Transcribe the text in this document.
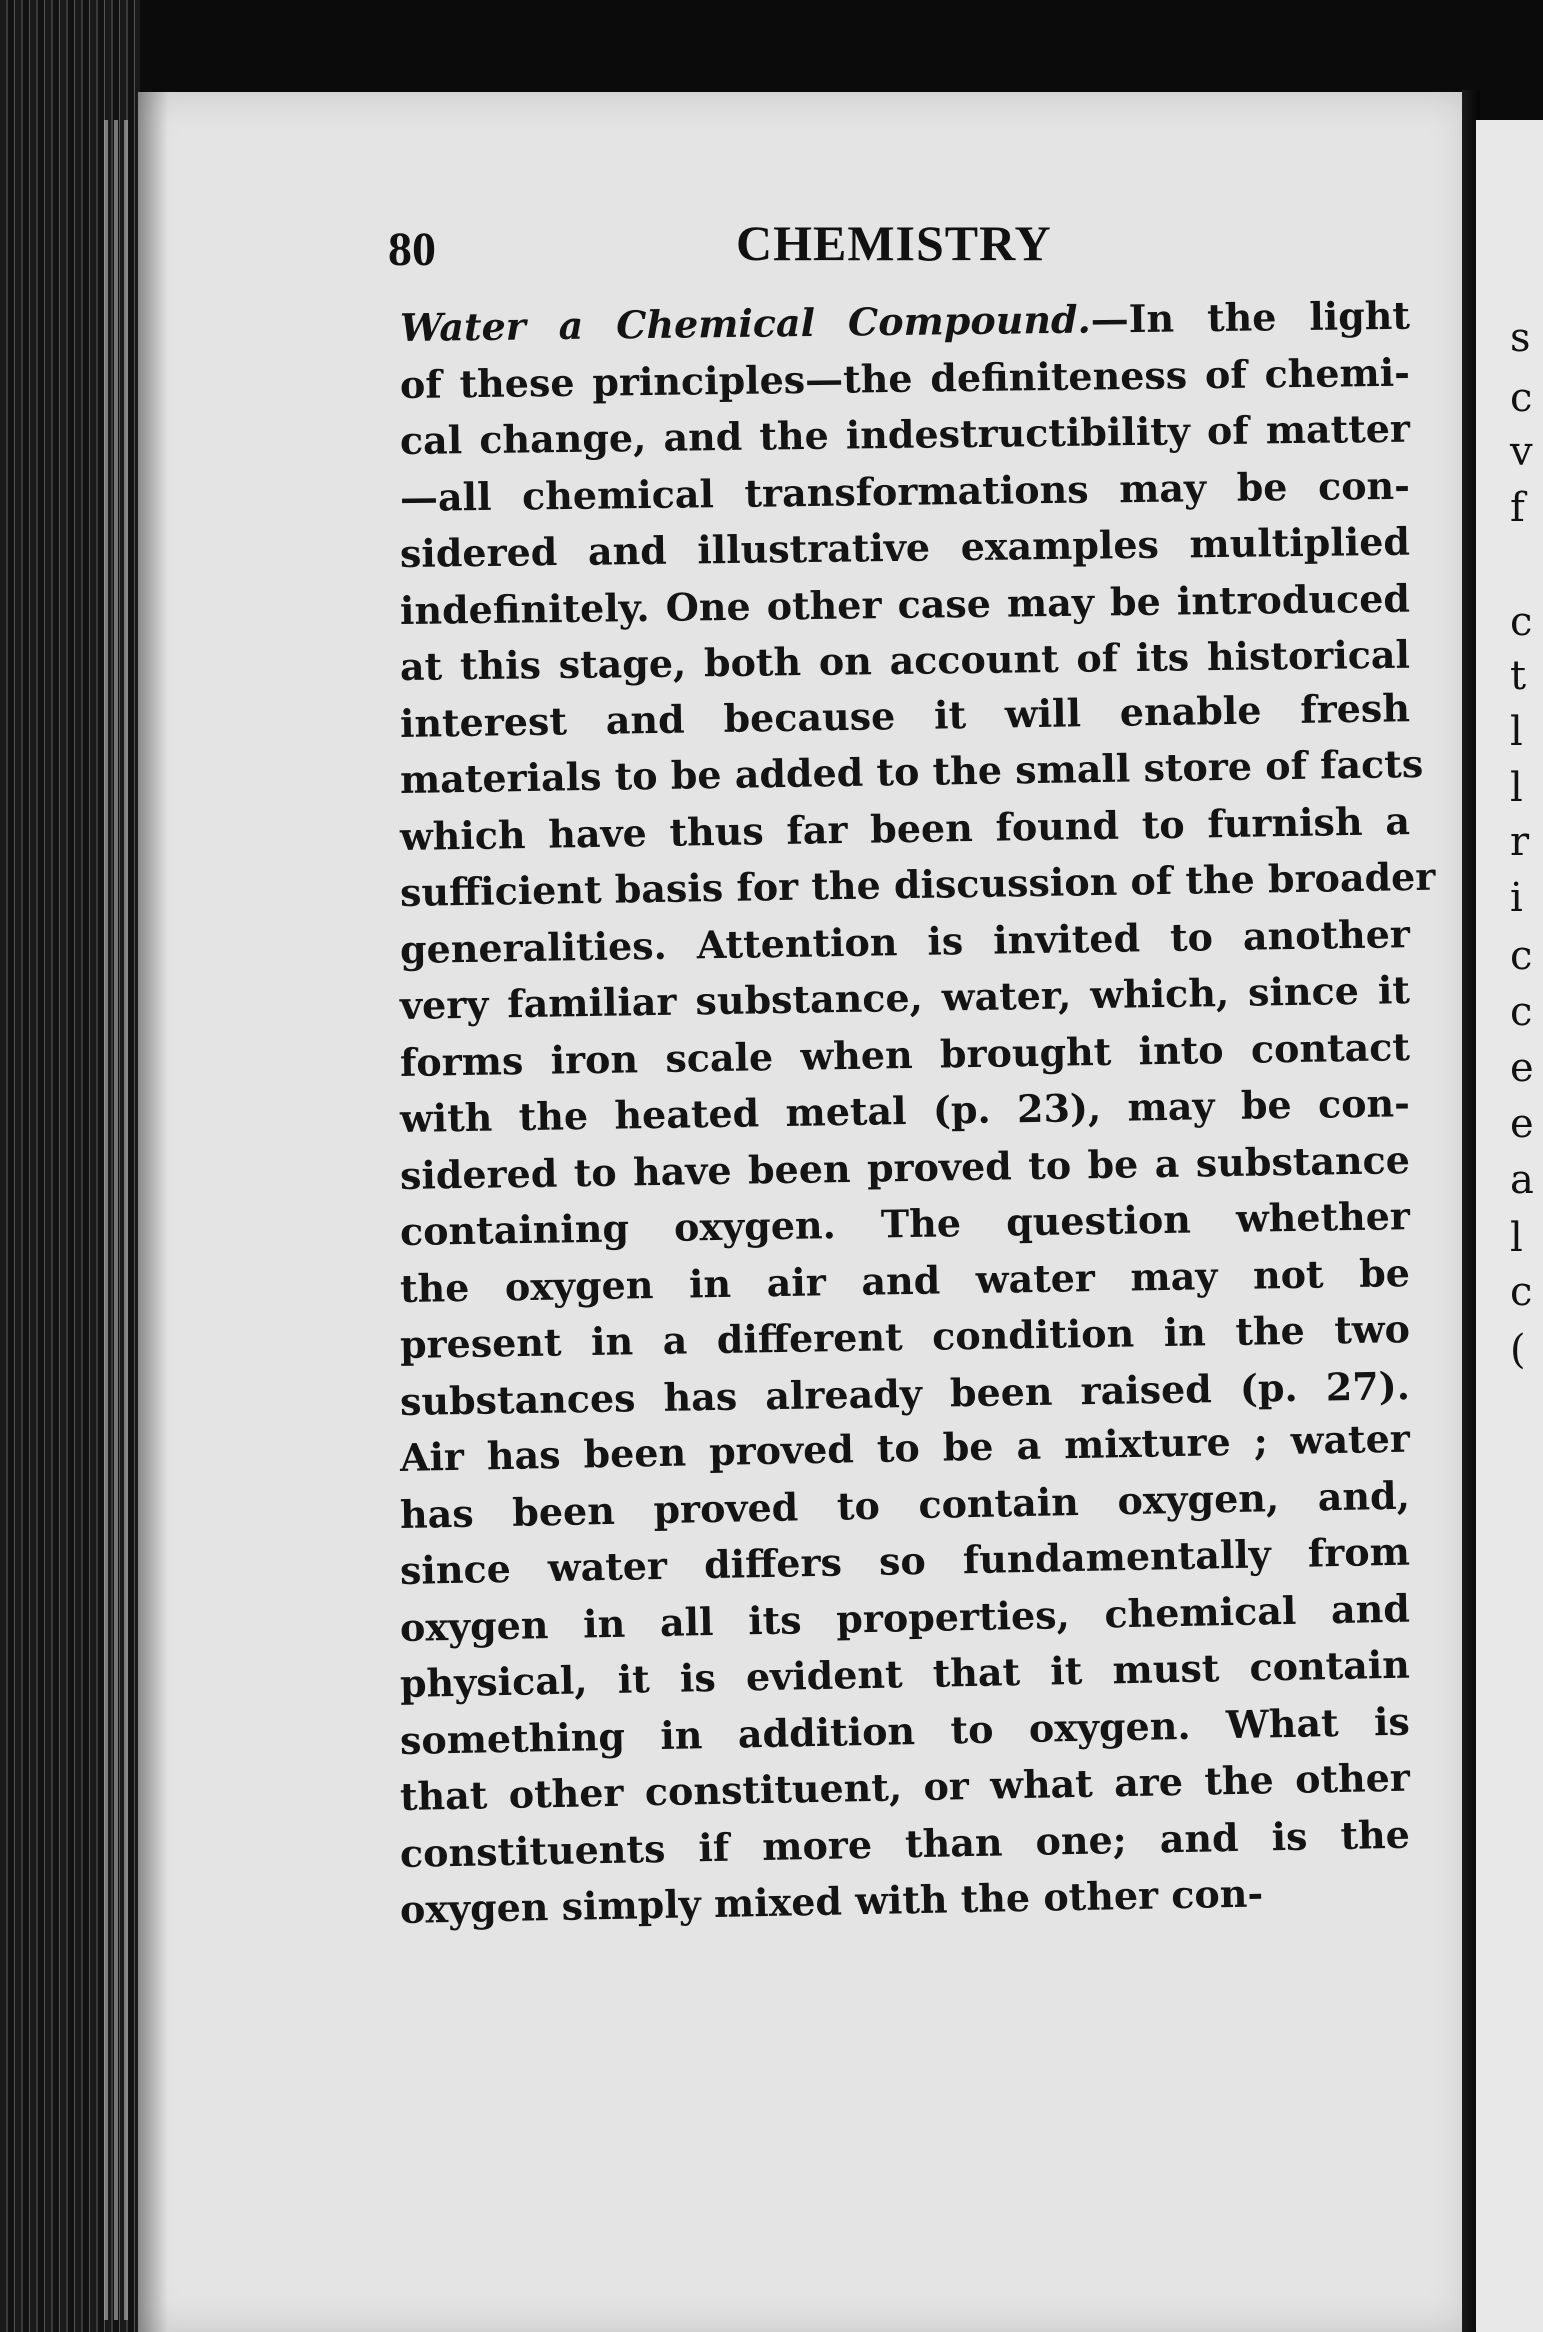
s
c
v
f
c
t
l
l
r
i
c
c
e
e
a
l
c
(
80	CHEMISTRY
Water a Chemical Compound.—In the light
of these principles—the definiteness of chemi-
cal change, and the indestructibility of matter
—all chemical transformations may be con-
sidered and illustrative examples multiplied
indefinitely. One other case may be introduced
at this stage, both on account of its historical
interest and because it will enable fresh
materials to be added to the small store of facts
which have thus far been found to furnish a
sufficient basis for the discussion of the broader
generalities. Attention is invited to another
very familiar substance, water, which, since it
forms iron scale when brought into contact
with the heated metal (p. 23), may be con-
sidered to have been proved to be a substance
containing oxygen. The question whether
the oxygen in air and water may not be
present in a different condition in the two
substances has already been raised (p. 27).
Air has been proved to be a mixture ; water
has been proved to contain oxygen, and,
since water differs so fundamentally from
oxygen in all its properties, chemical and
physical, it is evident that it must contain
something in addition to oxygen. What is
that other constituent, or what are the other
constituents if more than one; and is the
oxygen simply mixed with the other con-
